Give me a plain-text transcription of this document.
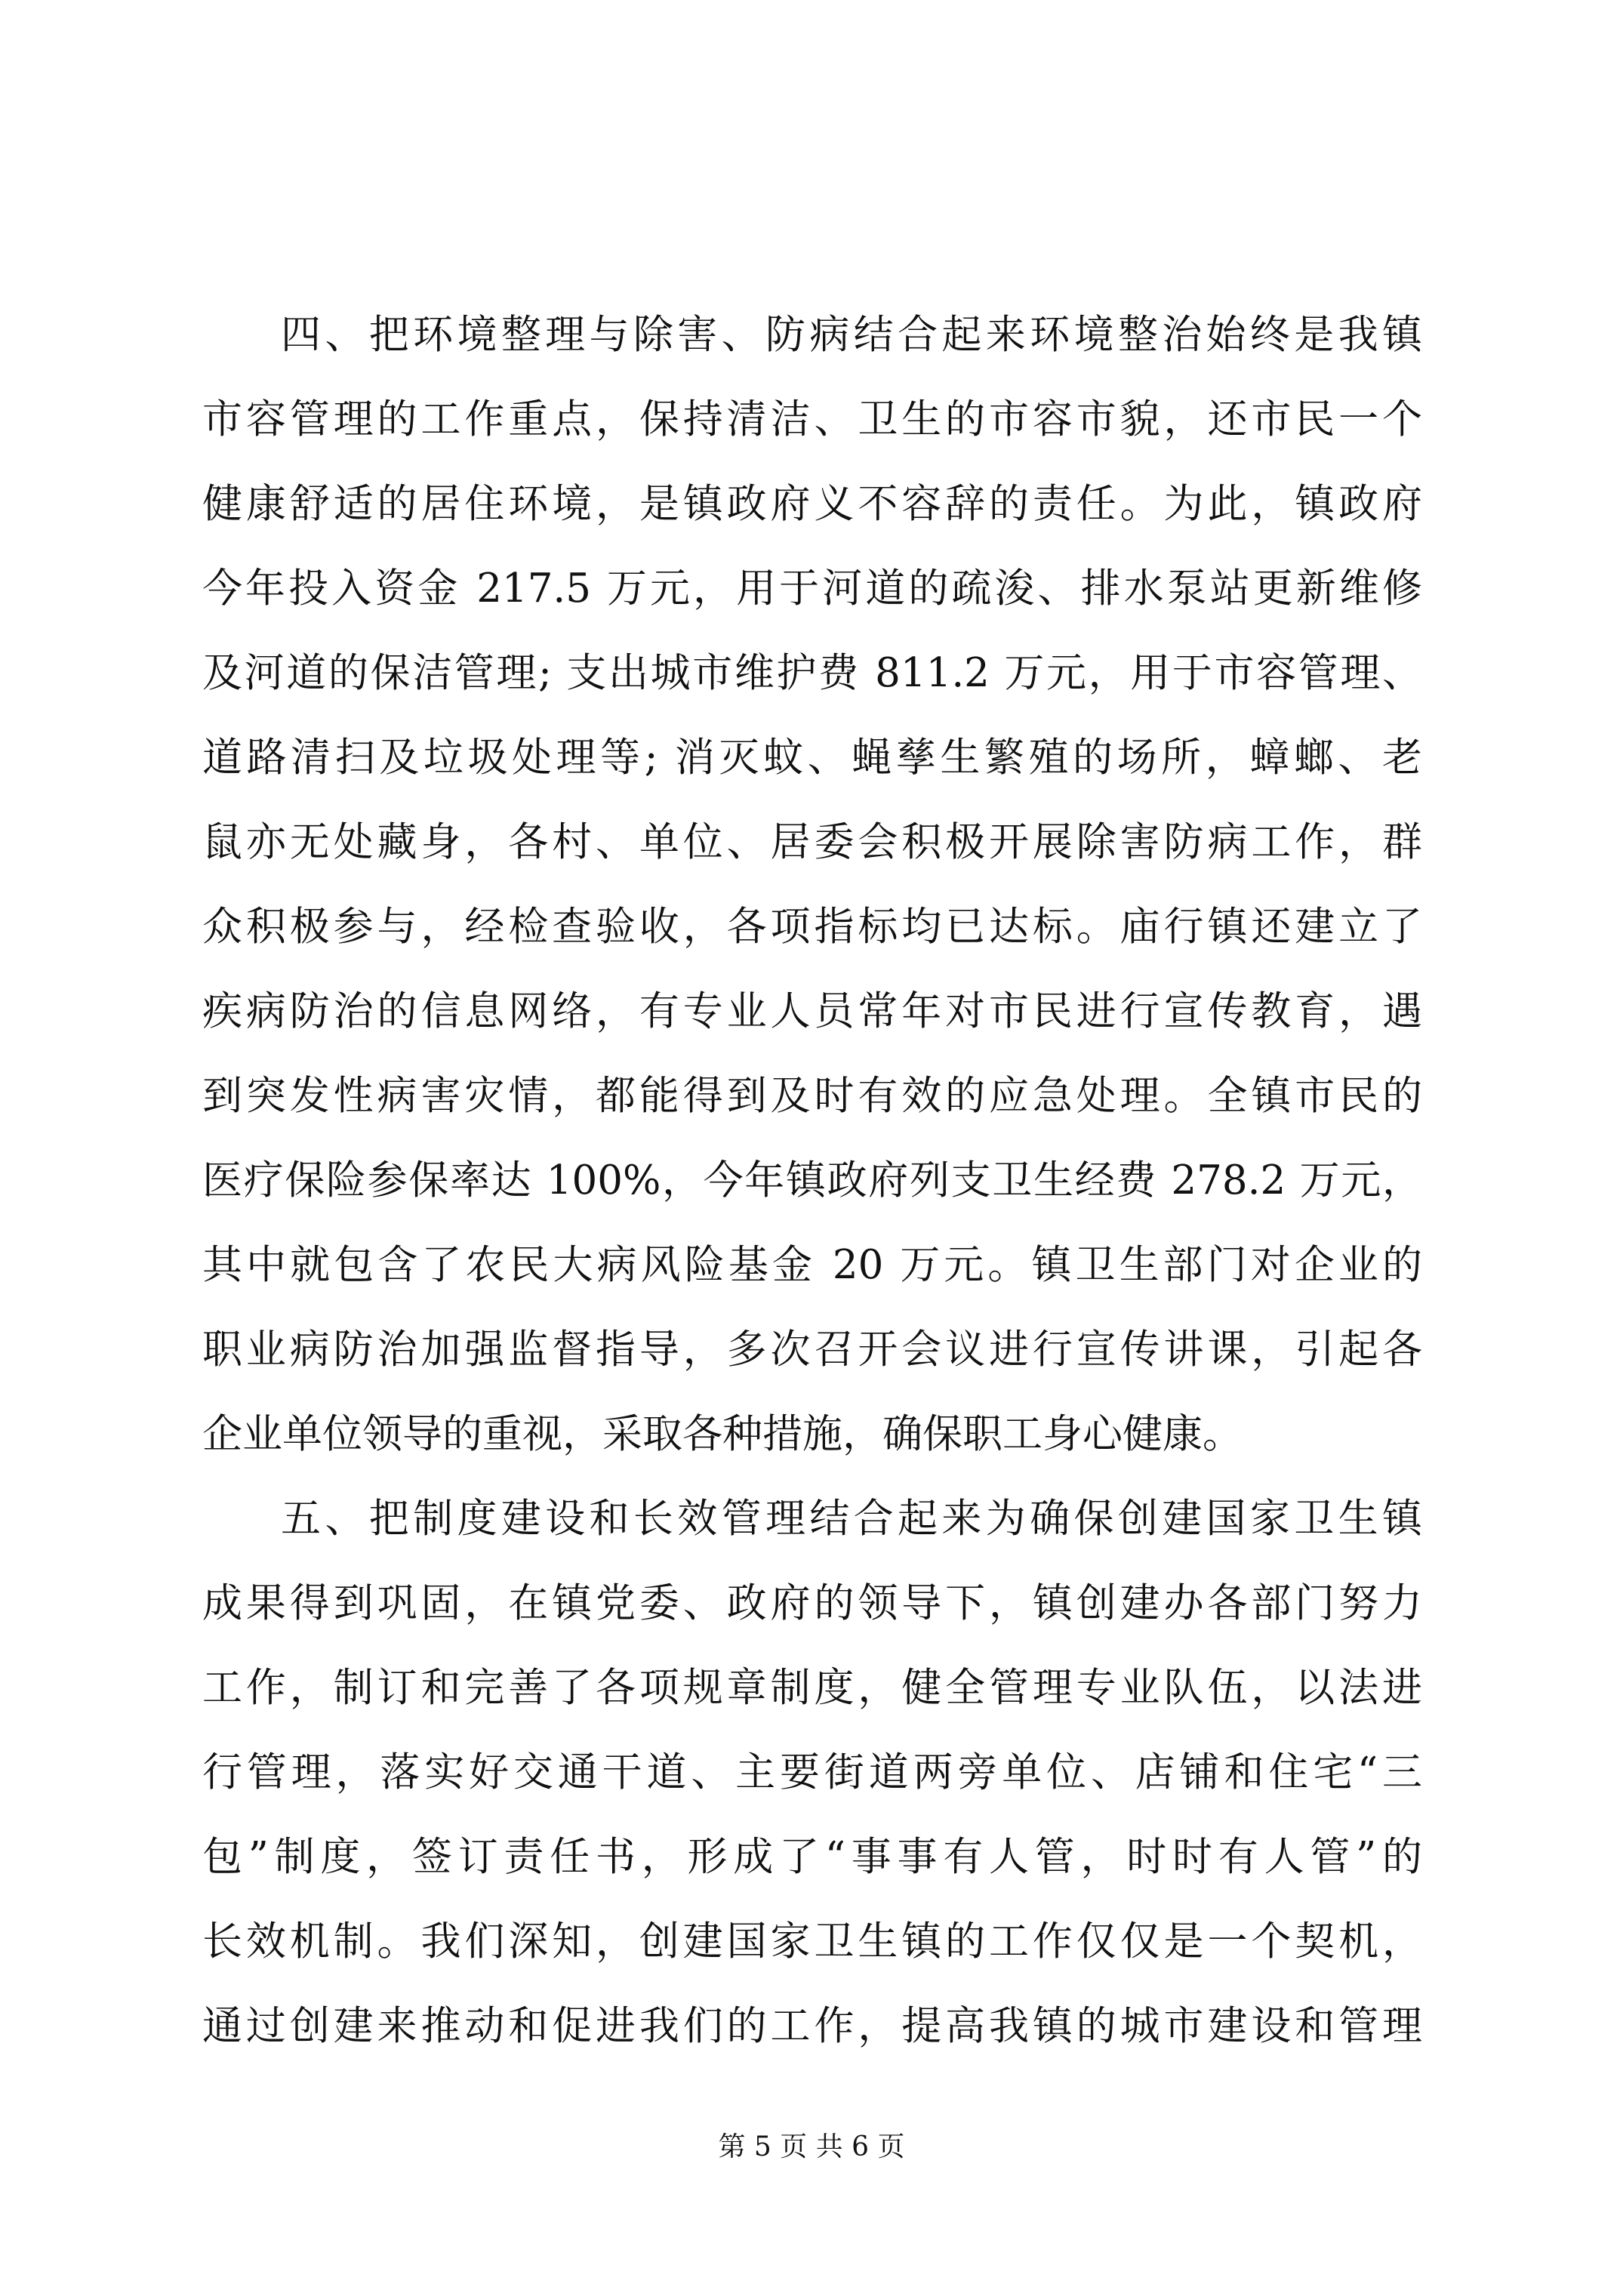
四、把环境整理与除害、防病结合起来环境整治始终是我镇
市容管理的工作重点，保持清洁、卫生的市容市貌，还市民一个
健康舒适的居住环境，是镇政府义不容辞的责任。为此，镇政府
今年投入资金 217.5 万元，用于河道的疏浚、排水泵站更新维修
及河道的保洁管理; 支出城市维护费 811.2 万元，用于市容管理、
道路清扫及垃圾处理等; 消灭蚊、蝇孳生繁殖的场所，蟑螂、老
鼠亦无处藏身，各村、单位、居委会积极开展除害防病工作，群
众积极参与，经检查验收，各项指标均已达标。庙行镇还建立了
疾病防治的信息网络，有专业人员常年对市民进行宣传教育，遇
到突发性病害灾情，都能得到及时有效的应急处理。全镇市民的
医疗保险参保率达 100%，今年镇政府列支卫生经费 278.2 万元，
其中就包含了农民大病风险基金 20 万元。镇卫生部门对企业的
职业病防治加强监督指导，多次召开会议进行宣传讲课，引起各
企业单位领导的重视，采取各种措施，确保职工身心健康。
五、把制度建设和长效管理结合起来为确保创建国家卫生镇
成果得到巩固，在镇党委、政府的领导下，镇创建办各部门努力
工作，制订和完善了各项规章制度，健全管理专业队伍，以法进
行管理，落实好交通干道、主要街道两旁单位、店铺和住宅“三
包”制度，签订责任书，形成了“事事有人管，时时有人管”的
长效机制。我们深知，创建国家卫生镇的工作仅仅是一个契机，
通过创建来推动和促进我们的工作，提高我镇的城市建设和管理
第 5 页 共 6 页
